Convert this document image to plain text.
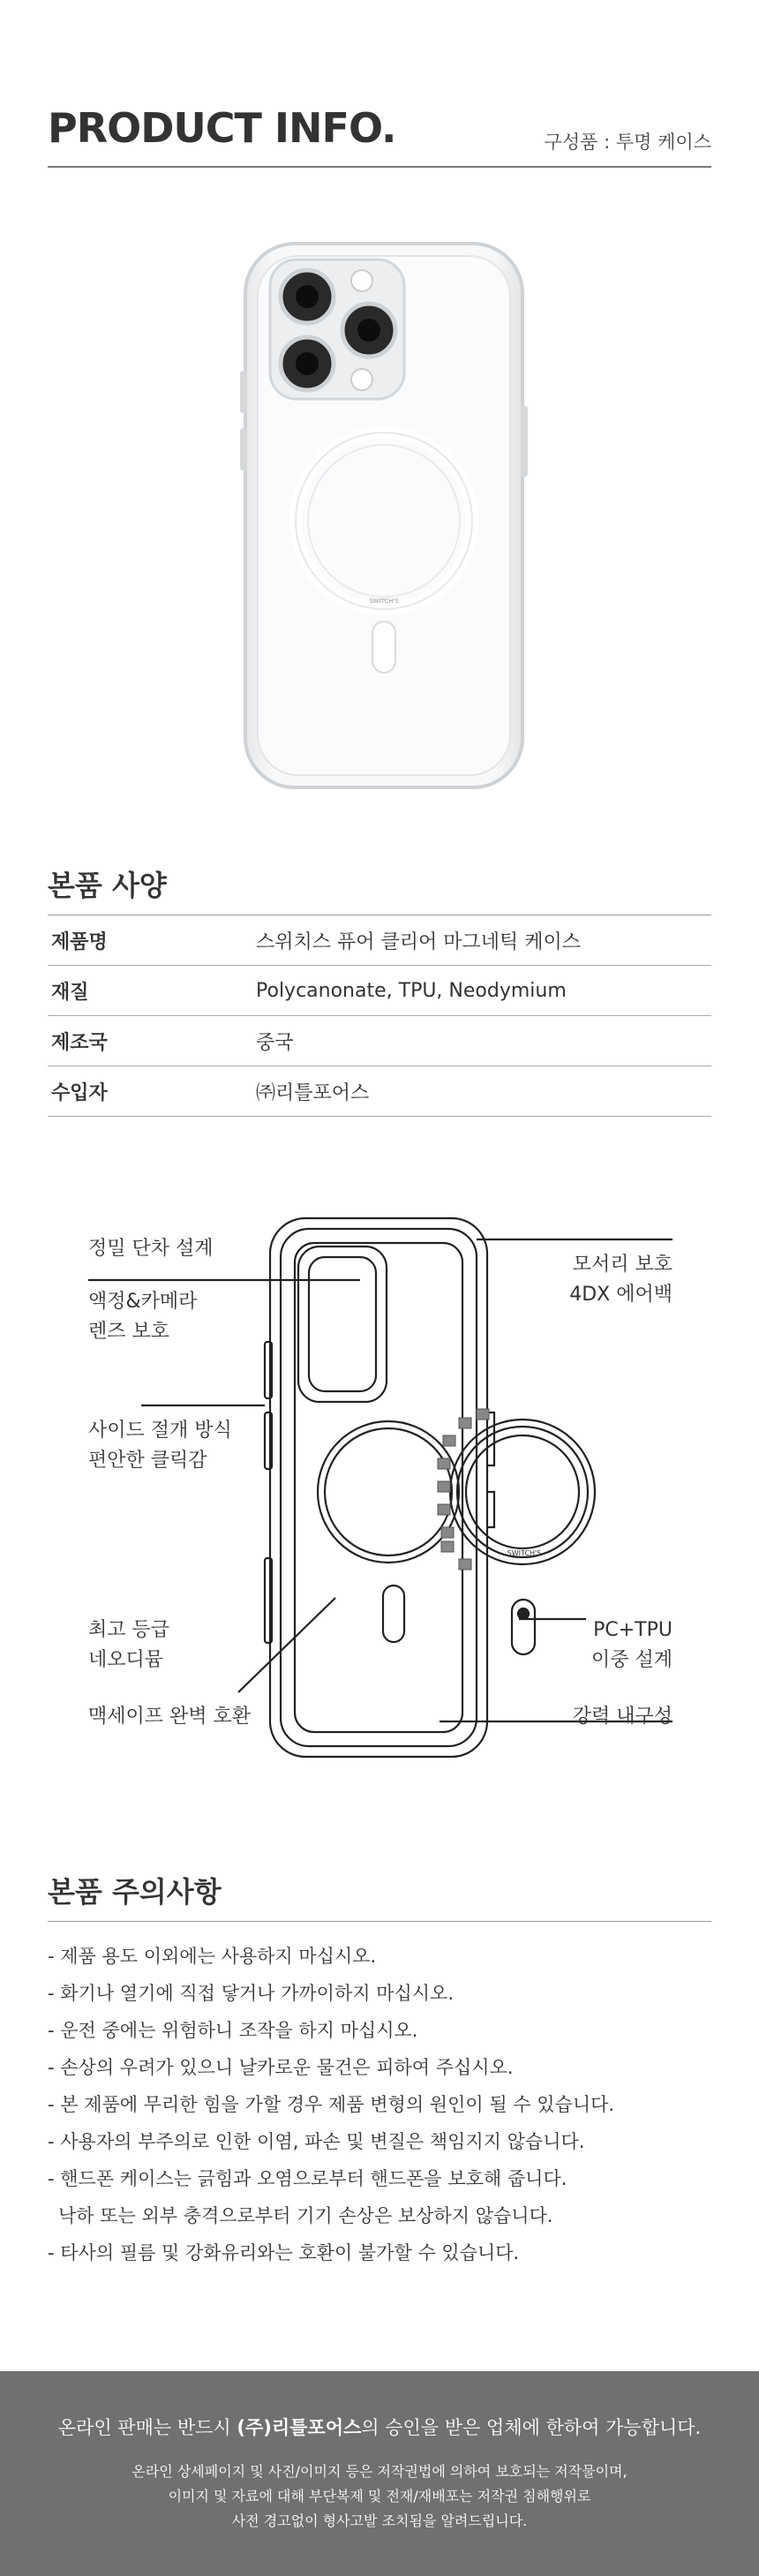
PRODUCT INFO.	구성품 : 투명 케이스
SWITCH'S
본품 사양
제품명	스위치스 퓨어 클리어 마그네틱 케이스
재질	Polycanonate, TPU, Neodymium
제조국	중국
수입자	㈜리틀포어스
SWITCH'S
정밀 단차 설계
액정&카메라
렌즈 보호
사이드 절개 방식
편안한 클릭감
최고 등급
네오디뮴
맥세이프 완벽 호환
모서리 보호
4DX 에어백
PC+TPU
이중 설계
강력 내구성
본품 주의사항
- 제품 용도 이외에는 사용하지 마십시오.
- 화기나 열기에 직접 닿거나 가까이하지 마십시오.
- 운전 중에는 위험하니 조작을 하지 마십시오.
- 손상의 우려가 있으니 날카로운 물건은 피하여 주십시오.
- 본 제품에 무리한 힘을 가할 경우 제품 변형의 원인이 될 수 있습니다.
- 사용자의 부주의로 인한 이염, 파손 및 변질은 책임지지 않습니다.
- 핸드폰 케이스는 긁힘과 오염으로부터 핸드폰을 보호해 줍니다.
낙하 또는 외부 충격으로부터 기기 손상은 보상하지 않습니다.
- 타사의 필름 및 강화유리와는 호환이 불가할 수 있습니다.
온라인 판매는 반드시 (주)리틀포어스의 승인을 받은 업체에 한하여 가능합니다.
온라인 상세페이지 및 사진/이미지 등은 저작권법에 의하여 보호되는 저작물이며,
이미지 및 자료에 대해 부단복제 및 전재/재배포는 저작권 침해행위로
사전 경고없이 형사고발 조치됨을 알려드립니다.
